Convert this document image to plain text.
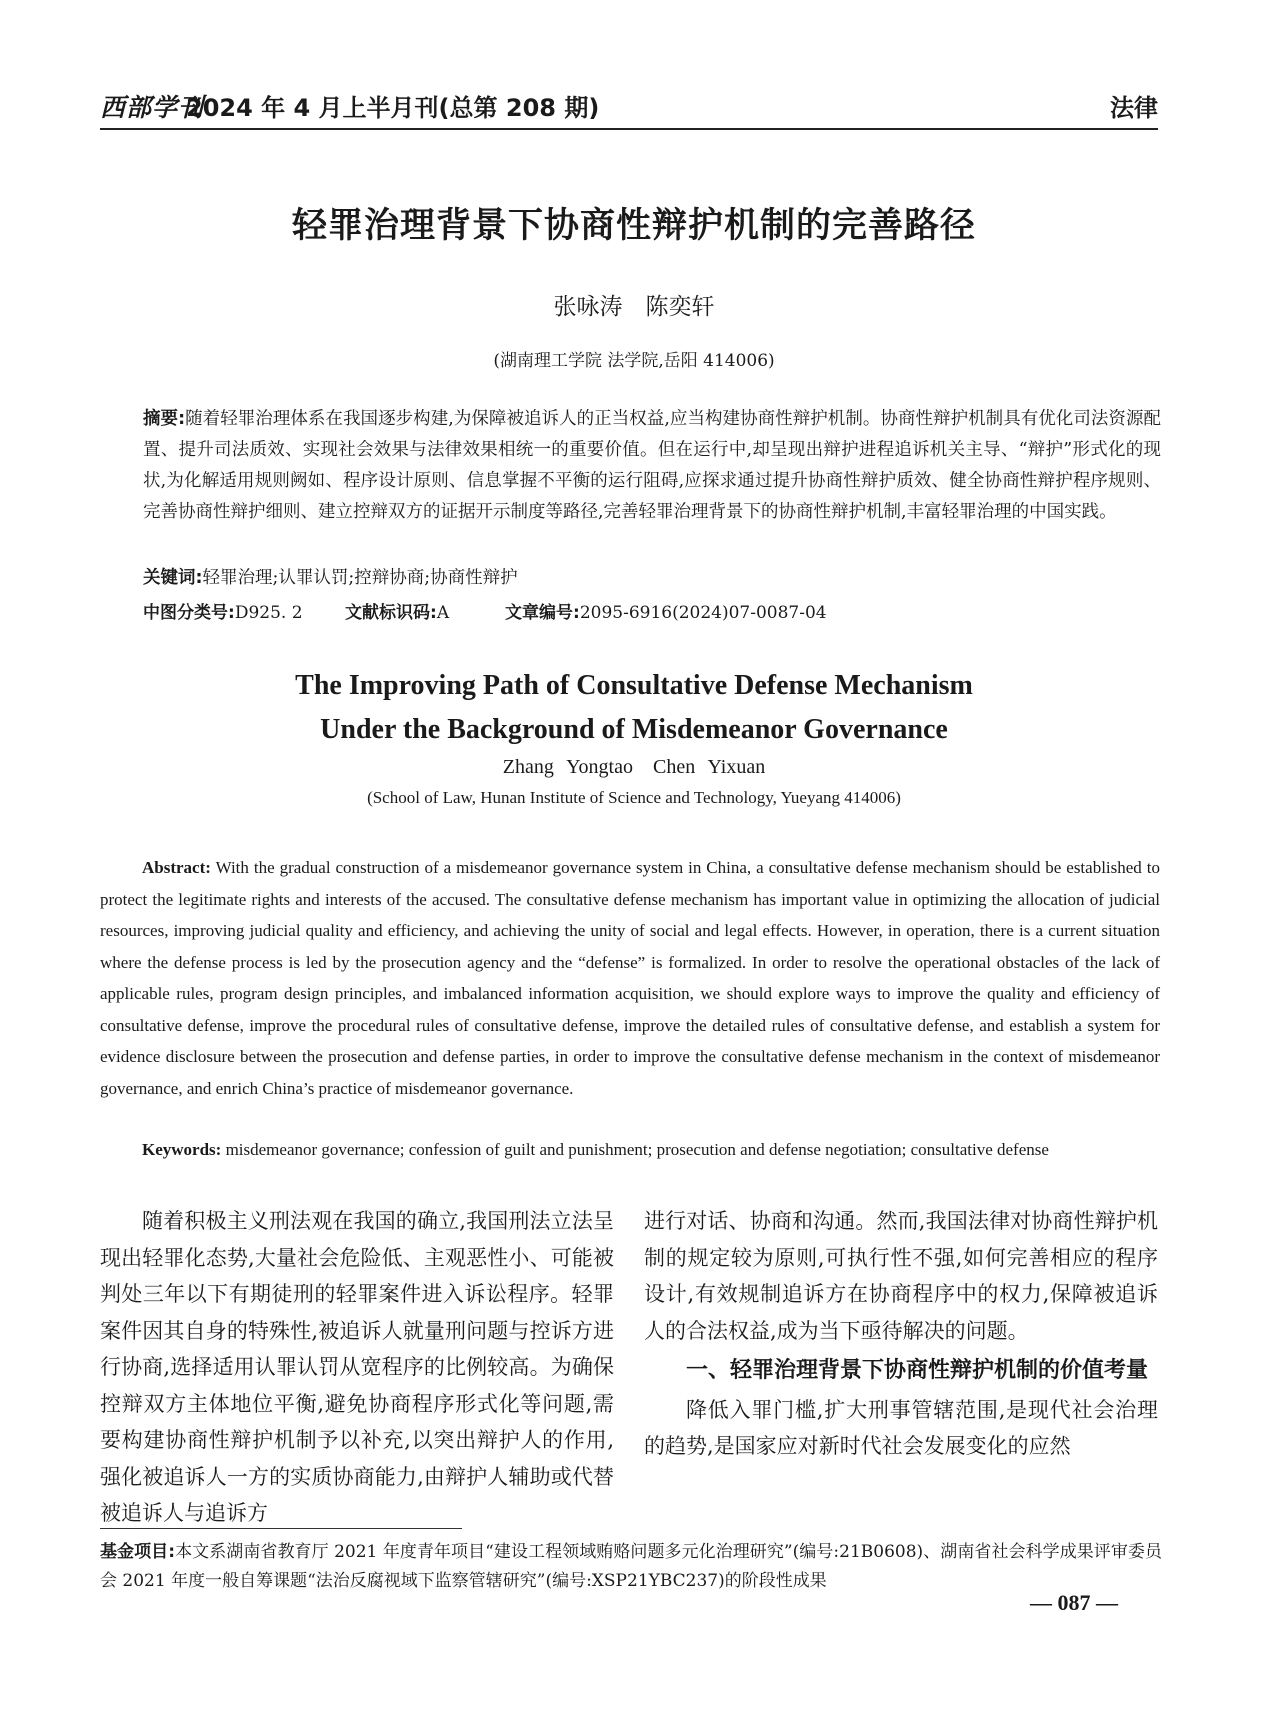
西部学刊
2024 年 4 月上半月刊(总第 208 期)	法律
轻罪治理背景下协商性辩护机制的完善路径
张咏涛　陈奕轩
(湖南理工学院 法学院,岳阳 414006)
摘要:随着轻罪治理体系在我国逐步构建,为保障被追诉人的正当权益,应当构建协商性辩护机制。协商性辩护机制具有优化司法资源配置、提升司法质效、实现社会效果与法律效果相统一的重要价值。但在运行中,却呈现出辩护进程追诉机关主导、“辩护”形式化的现状,为化解适用规则阙如、程序设计原则、信息掌握不平衡的运行阻碍,应探求通过提升协商性辩护质效、健全协商性辩护程序规则、完善协商性辩护细则、建立控辩双方的证据开示制度等路径,完善轻罪治理背景下的协商性辩护机制,丰富轻罪治理的中国实践。
关键词:轻罪治理;认罪认罚;控辩协商;协商性辩护
中图分类号:D925. 2 文献标识码:A	文章编号:2095-6916(2024)07-0087-04
The Improving Path of Consultative Defense Mechanism
Under the Background of Misdemeanor Governance
Zhang Yongtao　Chen Yixuan
(School of Law, Hunan Institute of Science and Technology, Yueyang 414006)
Abstract: With the gradual construction of a misdemeanor governance system in China, a consultative defense mechanism should be established to protect the legitimate rights and interests of the accused. The consultative defense mechanism has important value in optimizing the allocation of judicial resources, improving judicial quality and efficiency, and achieving the unity of social and legal effects. However, in operation, there is a current situation where the defense process is led by the prosecution agency and the “defense” is formalized. In order to resolve the operational obstacles of the lack of applicable rules, program design principles, and imbalanced information acquisition, we should explore ways to improve the quality and efficiency of consultative defense, improve the procedural rules of consultative defense, improve the detailed rules of consultative defense, and establish a system for evidence disclosure between the prosecution and defense parties, in order to improve the consultative defense mechanism in the context of misdemeanor governance, and enrich China’s practice of misdemeanor governance.
Keywords: misdemeanor governance; confession of guilt and punishment; prosecution and defense negotiation; consultative defense

随着积极主义刑法观在我国的确立,我国刑法立法呈现出轻罪化态势,大量社会危险低、主观恶性小、可能被判处三年以下有期徒刑的轻罪案件进入诉讼程序。轻罪案件因其自身的特殊性,被追诉人就量刑问题与控诉方进行协商,选择适用认罪认罚从宽程序的比例较高。为确保控辩双方主体地位平衡,避免协商程序形式化等问题,需要构建协商性辩护机制予以补充,以突出辩护人的作用,强化被追诉人一方的实质协商能力,由辩护人辅助或代替被追诉人与追诉方

进行对话、协商和沟通。然而,我国法律对协商性辩护机制的规定较为原则,可执行性不强,如何完善相应的程序设计,有效规制追诉方在协商程序中的权力,保障被追诉人的合法权益,成为当下亟待解决的问题。

一、轻罪治理背景下协商性辩护机制的价值考量

降低入罪门槛,扩大刑事管辖范围,是现代社会治理的趋势,是国家应对新时代社会发展变化的应然

基金项目:本文系湖南省教育厅 2021 年度青年项目“建设工程领域贿赂问题多元化治理研究”(编号:21B0608)、湖南省社会科学成果评审委员会 2021 年度一般自筹课题“法治反腐视域下监察管辖研究”(编号:XSP21YBC237)的阶段性成果
— 087 —
